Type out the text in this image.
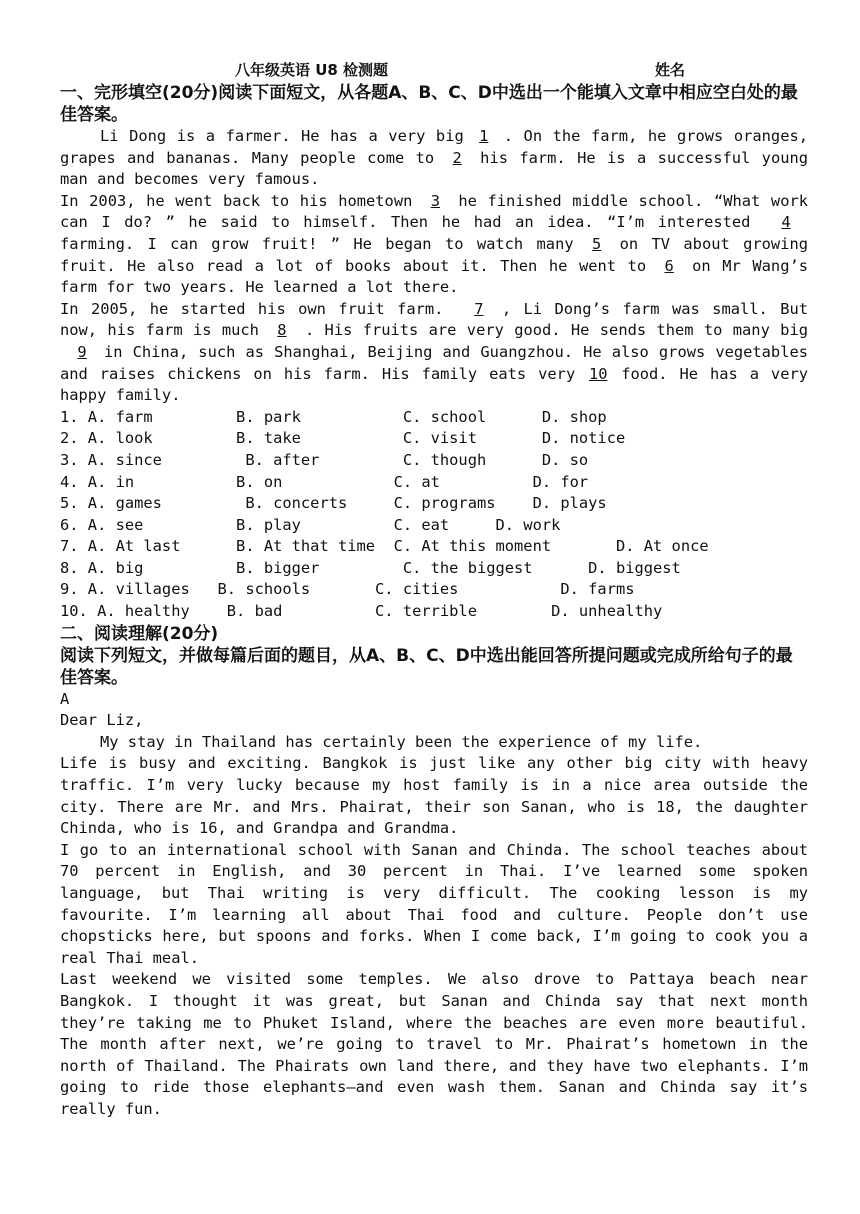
八年级英语 U8 检测题	姓名
一、完形填空(20分)阅读下面短文，从各题A、B、C、D中选出一个能填入文章中相应空白处的最佳答案。

Li Dong is a farmer. He has a very big 1 . On the farm, he grows oranges, grapes and bananas. Many people come to 2 his farm. He is a successful young man and becomes very famous.

In 2003, he went back to his hometown 3 he finished middle school. “What work can I do? ” he said to himself. Then he had an idea. “I’m interested 4farming. I can grow fruit! ” He began to watch many 5 on TV about growing fruit. He also read a lot of books about it. Then he went to 6 on Mr Wang’s farm for two years. He learned a lot there.

In 2005, he started his own fruit farm. 7 , Li Dong’s farm was small. But now, his farm is much 8 . His fruits are very good. He sends them to many big9 in China, such as Shanghai, Beijing and Guangzhou. He also grows vegetables and raises chickens on his farm. His family eats very 10 food. He has a very happy family.

1. A. farm         B. park           C. school      D. shop
2. A. look         B. take           C. visit       D. notice
3. A. since         B. after         C. though      D. so
4. A. in           B. on            C. at          D. for
5. A. games         B. concerts     C. programs    D. plays
6. A. see          B. play          C. eat     D. work
7. A. At last      B. At that time  C. At this moment       D. At once
8. A. big          B. bigger         C. the biggest      D. biggest
9. A. villages   B. schools       C. cities           D. farms
10. A. healthy    B. bad          C. terrible        D. unhealthy
二、阅读理解(20分)
阅读下列短文，并做每篇后面的题目，从A、B、C、D中选出能回答所提问题或完成所给句子的最佳答案。

A

Dear Liz,

My stay in Thailand has certainly been the experience of my life.

Life is busy and exciting. Bangkok is just like any other big city with heavy traffic. I’m very lucky because my host family is in a nice area outside the city. There are Mr. and Mrs. Phairat, their son Sanan, who is 18, the daughter Chinda, who is 16, and Grandpa and Grandma.

I go to an international school with Sanan and Chinda. The school teaches about 70 percent in English, and 30 percent in Thai. I’ve learned some spoken language, but Thai writing is very difficult. The cooking lesson is my favourite. I’m learning all about Thai food and culture. People don’t use chopsticks here, but spoons and forks. When I come back, I’m going to cook you a real Thai meal.

Last weekend we visited some temples. We also drove to Pattaya beach near Bangkok. I thought it was great, but Sanan and Chinda say that next month they’re taking me to Phuket Island, where the beaches are even more beautiful. The month after next, we’re going to travel to Mr. Phairat’s hometown in the north of Thailand. The Phairats own land there, and they have two elephants. I’m going to ride those elephants—and even wash them. Sanan and Chinda say it’s really fun.
